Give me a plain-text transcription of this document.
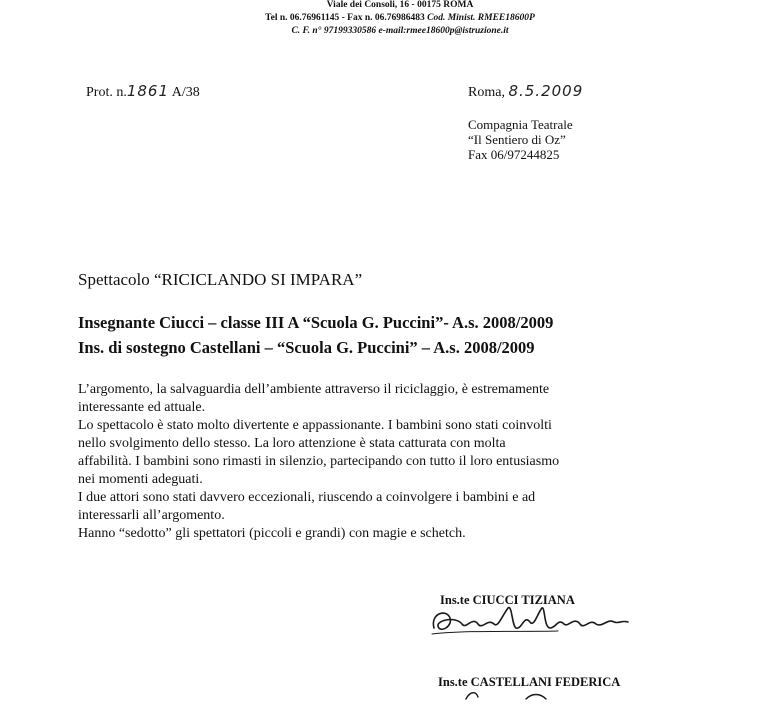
Viale dei Consoli, 16 - 00175 ROMA
Tel n. 06.76961145 - Fax n. 06.76986483 Cod. Minist. RMEE18600P
C. F. n° 97199330586 e-mail:rmee18600p@istruzione.it
Prot. n.1861 A/38	Roma, 8.5.2009
Compagnia Teatrale
“Il Sentiero di Oz”
Fax 06/97244825
Spettacolo “RICICLANDO SI IMPARA”
Insegnante Ciucci – classe III A “Scuola G. Puccini”- A.s. 2008/2009
Ins. di sostegno Castellani – “Scuola G. Puccini” – A.s. 2008/2009
L’argomento, la salvaguardia dell’ambiente attraverso il riciclaggio, è estremamente
interessante ed attuale.
Lo spettacolo è stato molto divertente e appassionante. I bambini sono stati coinvolti
nello svolgimento dello stesso. La loro attenzione è stata catturata con molta
affabilità. I bambini sono rimasti in silenzio, partecipando con tutto il loro entusiasmo
nei momenti adeguati.
I due attori sono stati davvero eccezionali, riuscendo a coinvolgere i bambini e ad
interessarli all’argomento.
Hanno “sedotto” gli spettatori (piccoli e grandi) con magie e schetch.
Ins.te CIUCCI TIZIANA
Ins.te CASTELLANI FEDERICA
